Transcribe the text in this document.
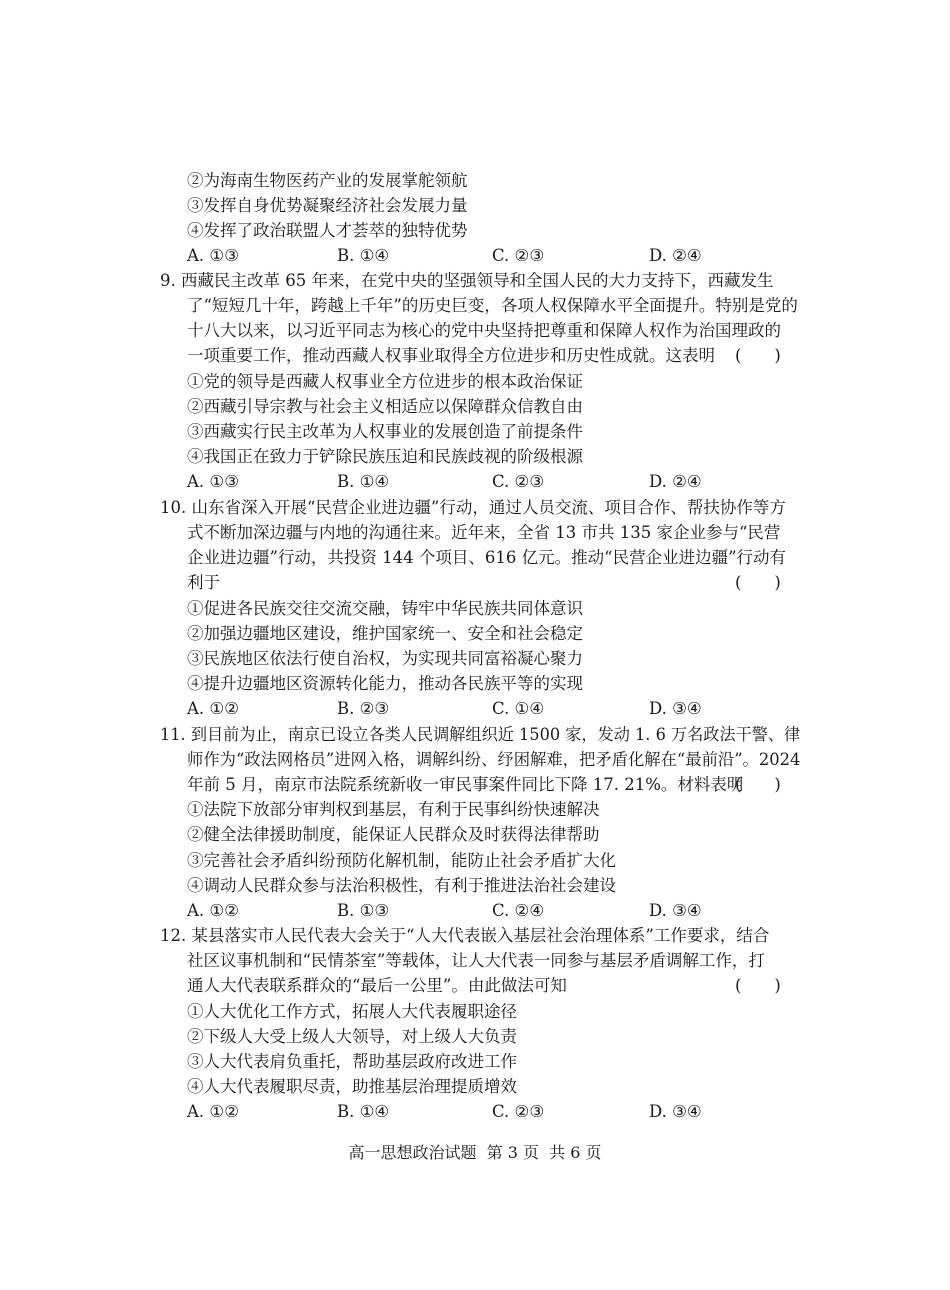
②为海南生物医药产业的发展掌舵领航
③发挥自身优势凝聚经济社会发展力量
④发挥了政治联盟人才荟萃的独特优势
A. ①③	B. ①④	C. ②③	D. ②④
9. 西藏民主改革 65 年来，在党中央的坚强领导和全国人民的大力支持下，西藏发生
了“短短几十年，跨越上千年”的历史巨变，各项人权保障水平全面提升。特别是党的
十八大以来，以习近平同志为核心的党中央坚持把尊重和保障人权作为治国理政的
一项重要工作，推动西藏人权事业取得全方位进步和历史性成就。这表明 (　　)
①党的领导是西藏人权事业全方位进步的根本政治保证
②西藏引导宗教与社会主义相适应以保障群众信教自由
③西藏实行民主改革为人权事业的发展创造了前提条件
④我国正在致力于铲除民族压迫和民族歧视的阶级根源
A. ①③	B. ①④	C. ②③	D. ②④
10. 山东省深入开展“民营企业进边疆”行动，通过人员交流、项目合作、帮扶协作等方
式不断加深边疆与内地的沟通往来。近年来，全省 13 市共 135 家企业参与“民营
企业进边疆”行动，共投资 144 个项目、616 亿元。推动“民营企业进边疆”行动有
利于	(　　)
①促进各民族交往交流交融，铸牢中华民族共同体意识
②加强边疆地区建设，维护国家统一、安全和社会稳定
③民族地区依法行使自治权，为实现共同富裕凝心聚力
④提升边疆地区资源转化能力，推动各民族平等的实现
A. ①②	B. ②③	C. ①④	D. ③④
11. 到目前为止，南京已设立各类人民调解组织近 1500 家，发动 1. 6 万名政法干警、律
师作为“政法网格员”进网入格，调解纠纷、纾困解难，把矛盾化解在“最前沿”。2024
年前 5 月，南京市法院系统新收一审民事案件同比下降 17. 21%。材料表明
(　　)
①法院下放部分审判权到基层，有利于民事纠纷快速解决
②健全法律援助制度，能保证人民群众及时获得法律帮助
③完善社会矛盾纠纷预防化解机制，能防止社会矛盾扩大化
④调动人民群众参与法治积极性，有利于推进法治社会建设
A. ①②	B. ①③	C. ②④	D. ③④
12. 某县落实市人民代表大会关于“人大代表嵌入基层社会治理体系”工作要求，结合
社区议事机制和“民情茶室”等载体，让人大代表一同参与基层矛盾调解工作，打
通人大代表联系群众的“最后一公里”。由此做法可知	(　　)
①人大优化工作方式，拓展人大代表履职途径
②下级人大受上级人大领导，对上级人大负责
③人大代表肩负重托，帮助基层政府改进工作
④人大代表履职尽责，助推基层治理提质增效
A. ①②	B. ①④	C. ②③	D. ③④
高一思想政治试题 第 3 页 共 6 页
